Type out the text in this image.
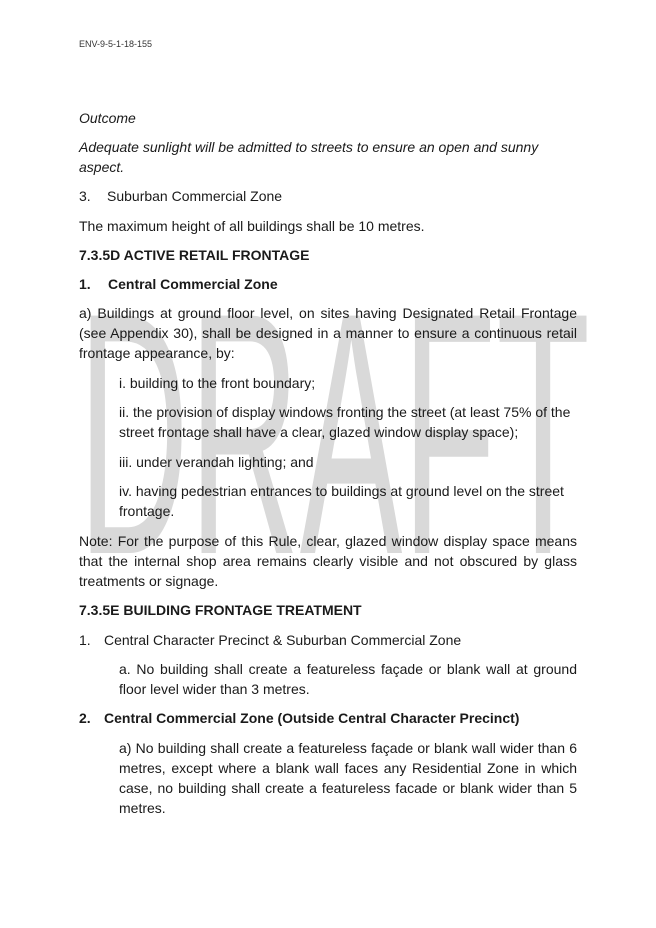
DRAFT
ENV-9-5-1-18-155

Outcome

Adequate sunlight will be admitted to streets to ensure an open and sunny aspect.

3. Suburban Commercial Zone

The maximum height of all buildings shall be 10 metres.

7.3.5D ACTIVE RETAIL FRONTAGE

1. Central Commercial Zone

a) Buildings at ground floor level, on sites having Designated Retail Frontage (see Appendix 30), shall be designed in a manner to ensure a continuous retail frontage appearance, by:

i. building to the front boundary;

ii. the provision of display windows fronting the street (at least 75% of the street frontage shall have a clear, glazed window display space);

iii. under verandah lighting; and

iv. having pedestrian entrances to buildings at ground level on the street frontage.

Note: For the purpose of this Rule, clear, glazed window display space means that the internal shop area remains clearly visible and not obscured by glass treatments or signage.

7.3.5E BUILDING FRONTAGE TREATMENT

1. Central Character Precinct & Suburban Commercial Zone

a. No building shall create a featureless façade or blank wall at ground floor level wider than 3 metres.

2. Central Commercial Zone (Outside Central Character Precinct)

a) No building shall create a featureless façade or blank wall wider than 6 metres, except where a blank wall faces any Residential Zone in which case, no building shall create a featureless facade or blank wider than 5 metres.
